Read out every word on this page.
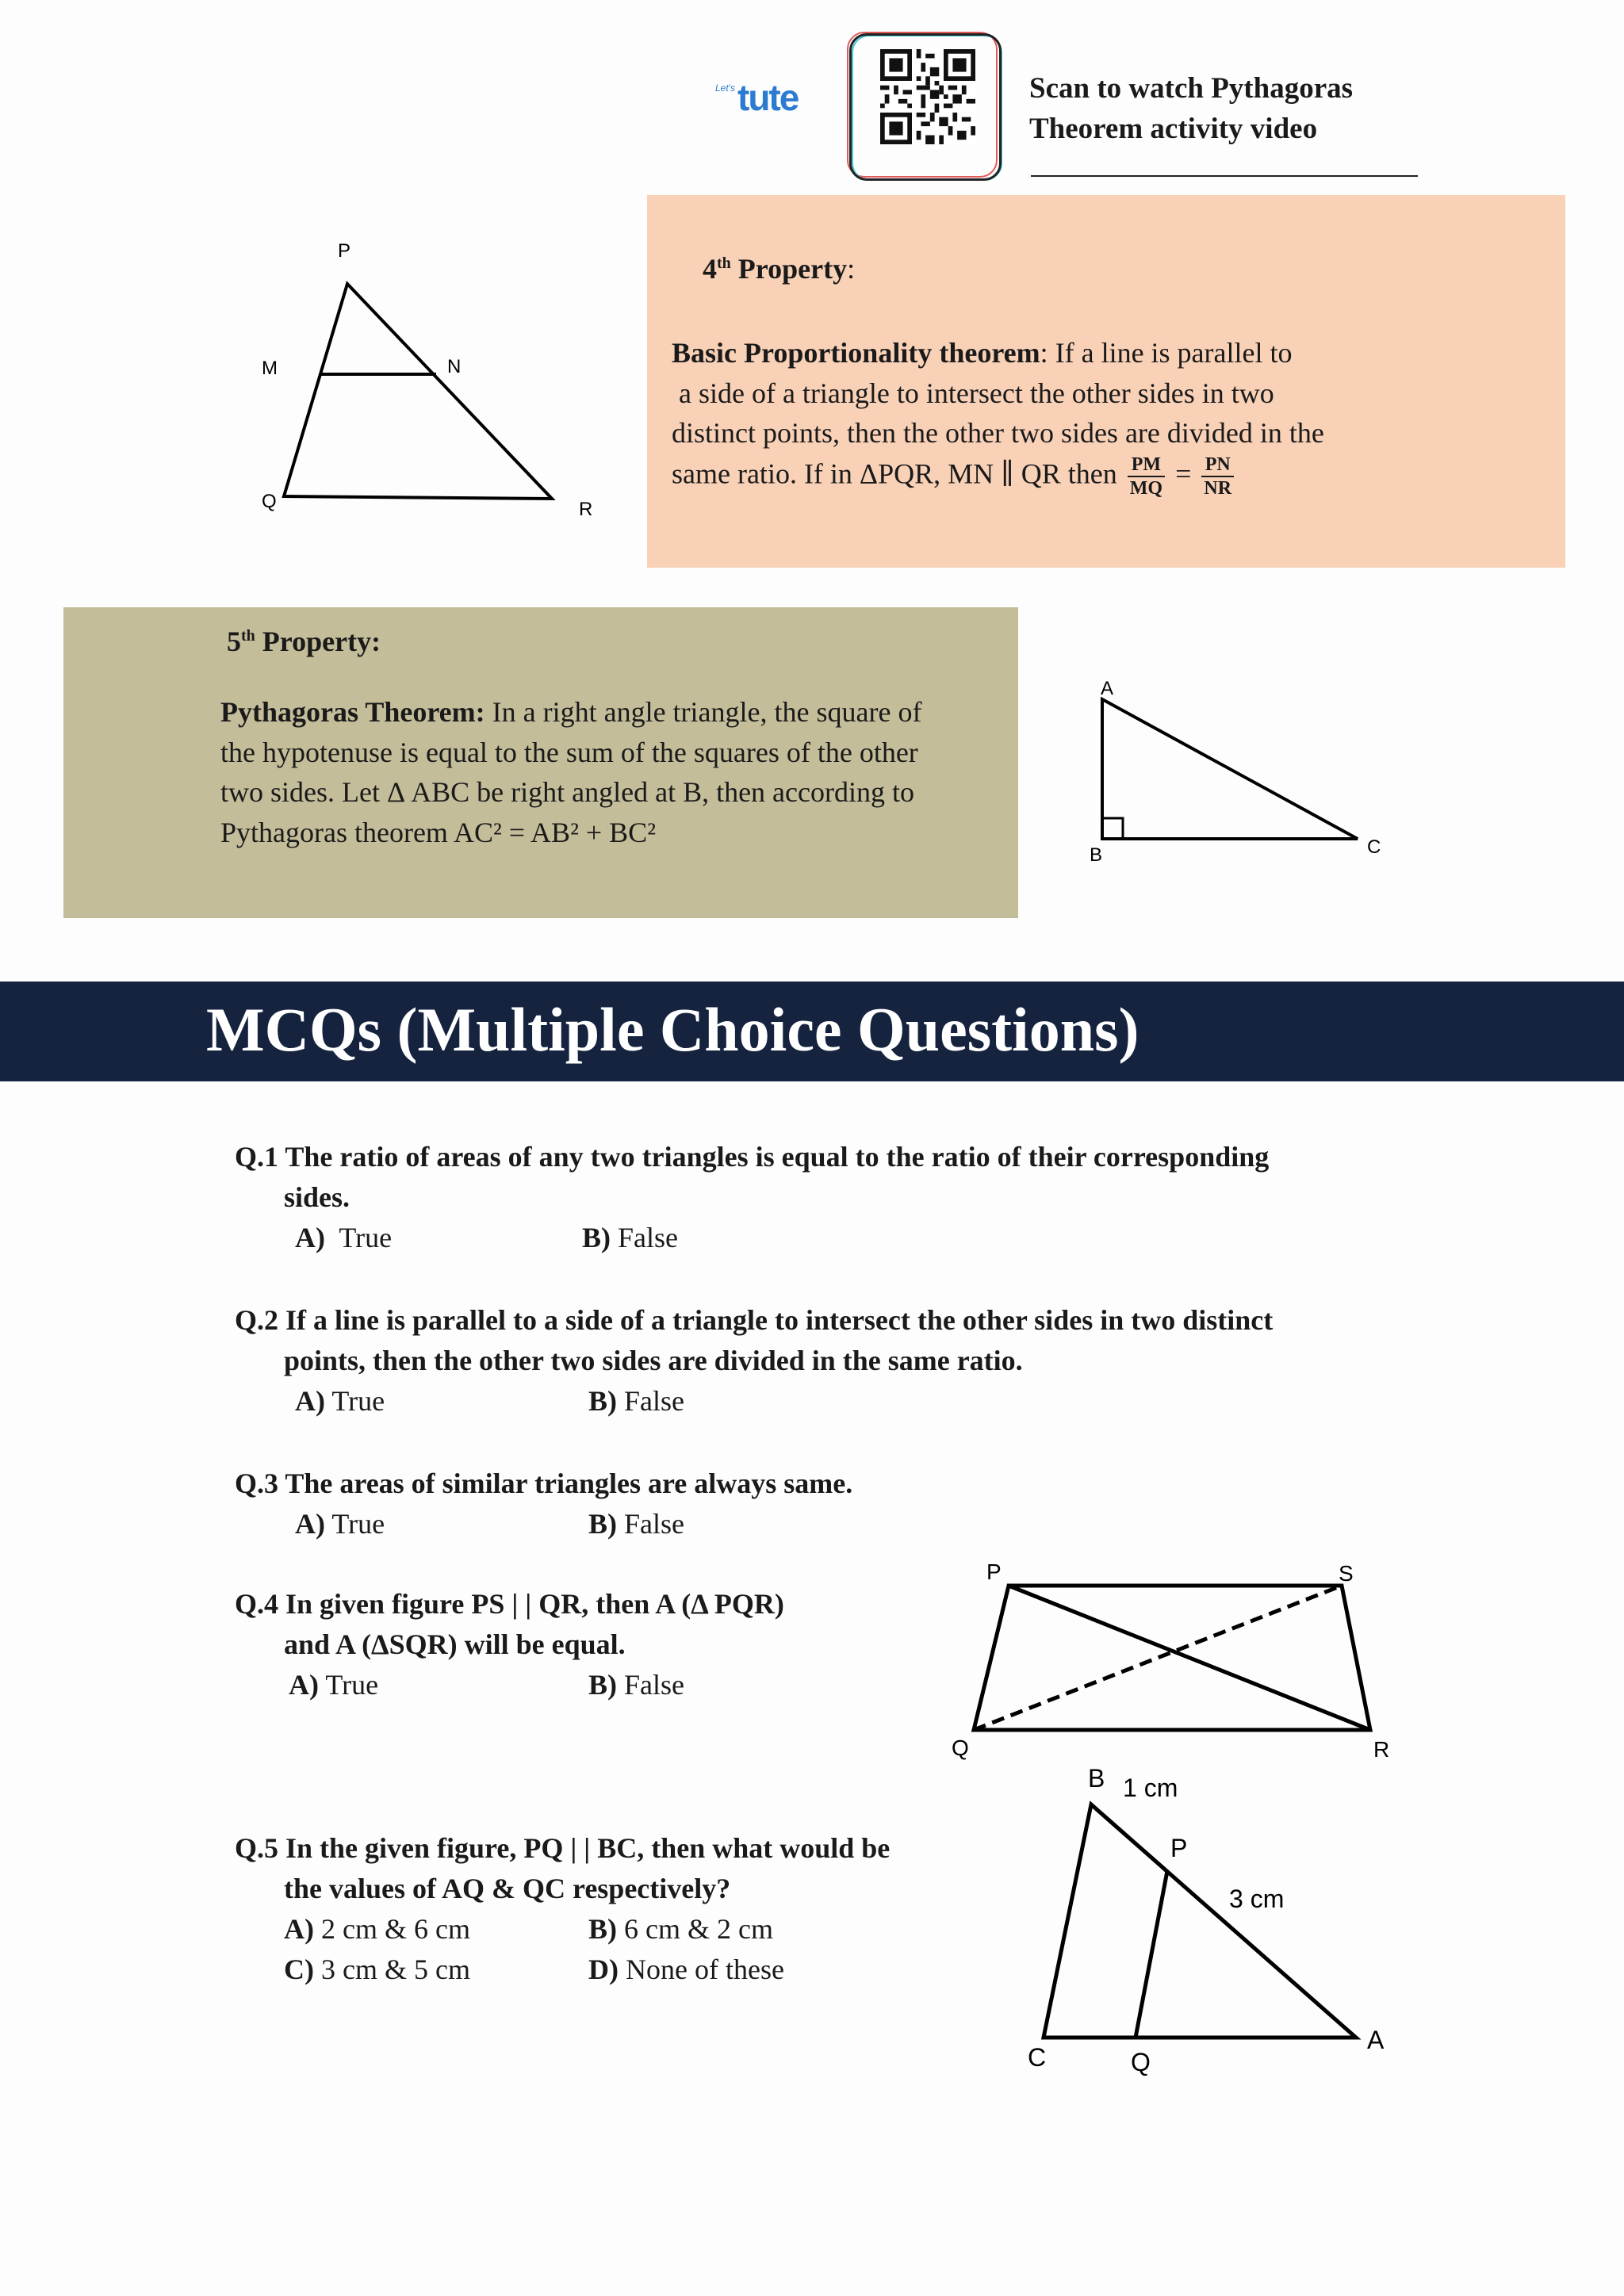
Let's tute	Scan to watch Pythagoras
Theorem activity video
P
M	N
Q	R
4th Property:
Basic Proportionality theorem: If a line is parallel to
a side of a triangle to intersect the other sides in two
distinct points, then the other two sides are divided in the
same ratio. If in ΔPQR, MN ∥ QR then $\frac{PM}{MQ} = \frac{PN}{NR}$
5th Property:
Pythagoras Theorem: In a right angle triangle, the square of
the hypotenuse is equal to the sum of the squares of the other
two sides. Let Δ ABC be right angled at B, then according to
Pythagoras theorem AC² = AB² + BC²
A
B	C
MCQs (Multiple Choice Questions)
Q.1 The ratio of areas of any two triangles is equal to the ratio of their corresponding
sides.
A)  True	B) False
Q.2 If a line is parallel to a side of a triangle to intersect the other sides in two distinct
points, then the other two sides are divided in the same ratio.
A) True	B) False
Q.3 The areas of similar triangles are always same.
A) True	B) False
Q.4 In given figure PS | | QR, then A (Δ PQR)
and A (ΔSQR) will be equal.
A) True	B) False
P	S
Q	R
Q.5 In the given figure, PQ | | BC, then what would be
the values of AQ & QC respectively?
A) 2 cm & 6 cm	B) 6 cm & 2 cm
C) 3 cm & 5 cm	D) None of these
B 1 cm
P
3 cm
C	Q
A
